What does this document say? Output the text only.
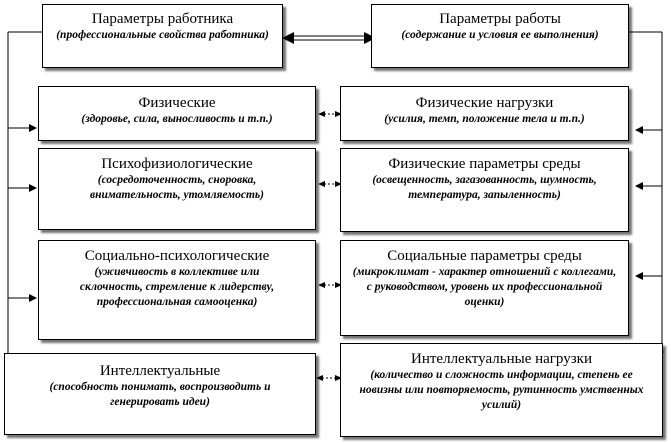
Параметры работника
(профессиональные свойства работника)
Параметры работы
(содержание и условия ее выполнения)
Физические
(здоровье, сила, выносливость и т.п.)
Психофизиологические
(сосредоточенность, сноровка, внимательность, утомляемость)
Социально-психологические
(уживчивость в коллективе или склочность, стремление к лидерству, профессиональная самооценка)
Интеллектуальные
(способность понимать, воспроизводить и генерировать идеи)
Физические нагрузки
(усилия, темп, положение тела и т.п.)
Физические параметры среды
(освещенность, загазованность, шумность, температура, запыленность)
Социальные параметры среды
(микроклимат - характер отношений с коллегами, с руководством, уровень их профессиональной оценки)
Интеллектуальные нагрузки
(количество и сложность информации, степень ее новизны или повторяемость, рутинность умственных усилий)
